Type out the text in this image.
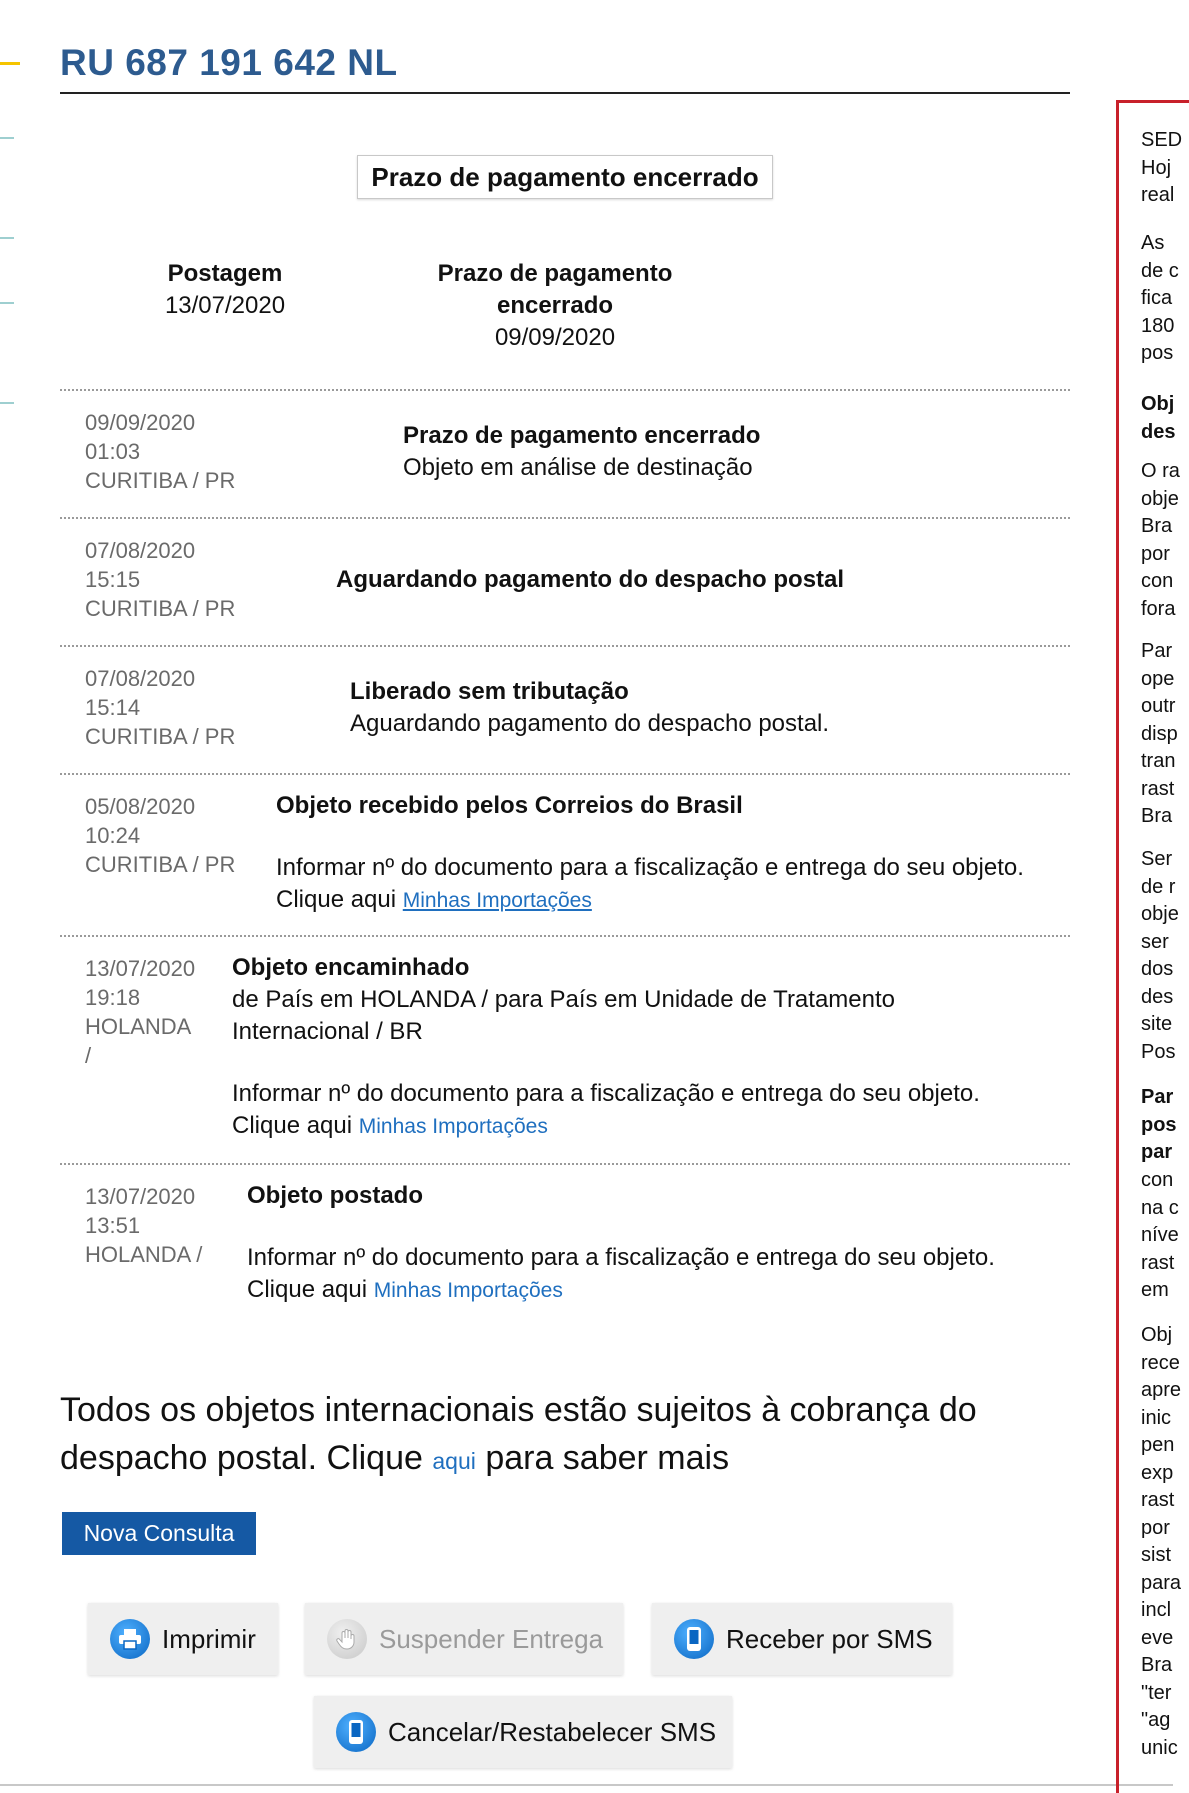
RU 687 191 642 NL
Prazo de pagamento encerrado
Postagem
13/07/2020
Prazo de pagamento
encerrado
09/09/2020
09/09/2020
01:03
CURITIBA / PR
Prazo de pagamento encerrado
Objeto em análise de destinação
07/08/2020
15:15
CURITIBA / PR
Aguardando pagamento do despacho postal
07/08/2020
15:14
CURITIBA / PR
Liberado sem tributação
Aguardando pagamento do despacho postal.
05/08/2020
10:24
CURITIBA / PR
Objeto recebido pelos Correios do Brasil
Informar nº do documento para a fiscalização e entrega do seu objeto.
Clique aqui Minhas Importações
13/07/2020
19:18
HOLANDA
/
Objeto encaminhado
de País em HOLANDA / para País em Unidade de Tratamento
Internacional / BR
Informar nº do documento para a fiscalização e entrega do seu objeto.
Clique aqui Minhas Importações
13/07/2020
13:51
HOLANDA /
Objeto postado
Informar nº do documento para a fiscalização e entrega do seu objeto.
Clique aqui Minhas Importações
Todos os objetos internacionais estão sujeitos à cobrança do
despacho postal. Clique aqui para saber mais
Nova Consulta
Imprimir	Suspender Entrega	Receber por SMS
Cancelar/Restabelecer SMS
SED
Hoj
real
As
de c
fica
180
pos
Obj
des
O ra
obje
Bra
por
con
fora
Par
ope
outr
disp
tran
rast
Bra
Ser
de r
obje
ser
dos
des
site
Pos
Par
pos
par
con
na c
níve
rast
em
Obj
rece
apre
inic
pen
exp
rast
por
sist
para
incl
eve
Bra
"ter
"ag
unic
